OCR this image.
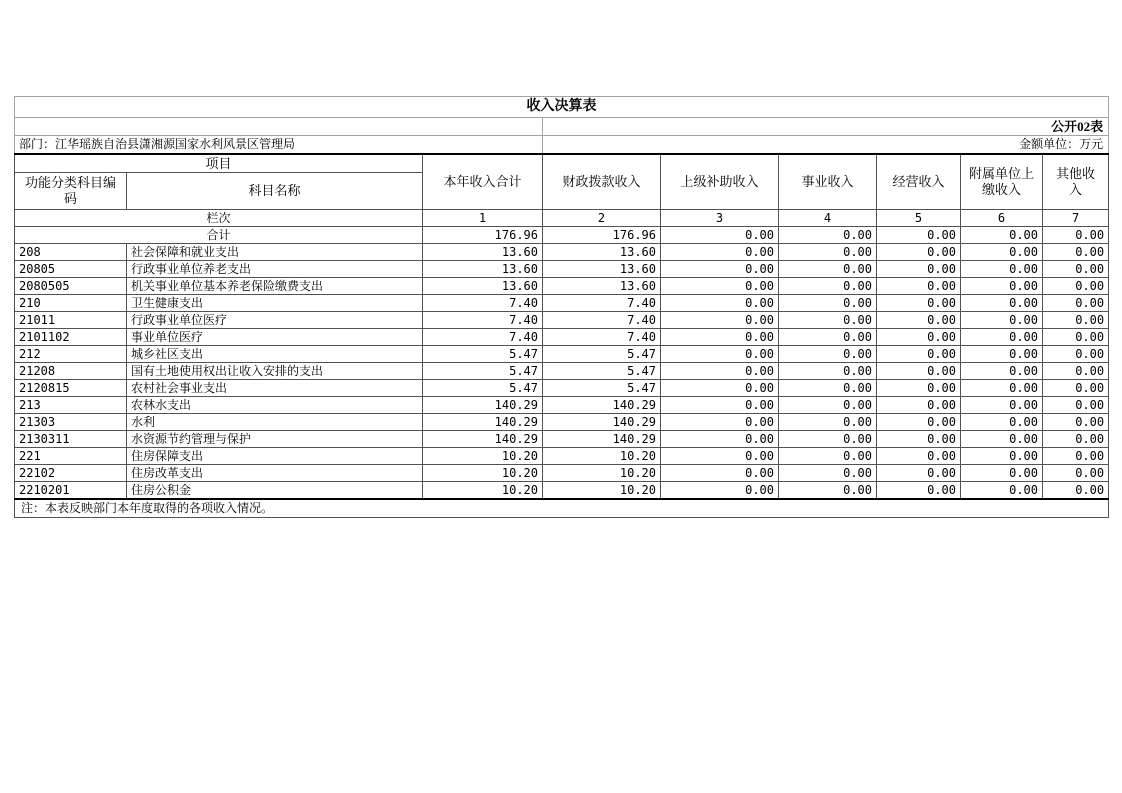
收入决算表								
			公开02表					
部门：江华瑶族自治县潇湘源国家水利风景区管理局			金额单位：万元					
项目		本年收入合计	财政拨款收入	上级补助收入	事业收入	经营收入	附属单位上缴收入	其他收入
功能分类科目编码	科目名称							
栏次		1	2	3	4	5	6	7
合计		176.96	176.96	0.00	0.00	0.00	0.00	0.00
208	社会保障和就业支出	13.60	13.60	0.00	0.00	0.00	0.00	0.00
20805	行政事业单位养老支出	13.60	13.60	0.00	0.00	0.00	0.00	0.00
2080505	机关事业单位基本养老保险缴费支出	13.60	13.60	0.00	0.00	0.00	0.00	0.00
210	卫生健康支出	7.40	7.40	0.00	0.00	0.00	0.00	0.00
21011	行政事业单位医疗	7.40	7.40	0.00	0.00	0.00	0.00	0.00
2101102	事业单位医疗	7.40	7.40	0.00	0.00	0.00	0.00	0.00
212	城乡社区支出	5.47	5.47	0.00	0.00	0.00	0.00	0.00
21208	国有土地使用权出让收入安排的支出	5.47	5.47	0.00	0.00	0.00	0.00	0.00
2120815	农村社会事业支出	5.47	5.47	0.00	0.00	0.00	0.00	0.00
213	农林水支出	140.29	140.29	0.00	0.00	0.00	0.00	0.00
21303	水利	140.29	140.29	0.00	0.00	0.00	0.00	0.00
2130311	水资源节约管理与保护	140.29	140.29	0.00	0.00	0.00	0.00	0.00
221	住房保障支出	10.20	10.20	0.00	0.00	0.00	0.00	0.00
22102	住房改革支出	10.20	10.20	0.00	0.00	0.00	0.00	0.00
2210201	住房公积金	10.20	10.20	0.00	0.00	0.00	0.00	0.00
注：本表反映部门本年度取得的各项收入情况。								
